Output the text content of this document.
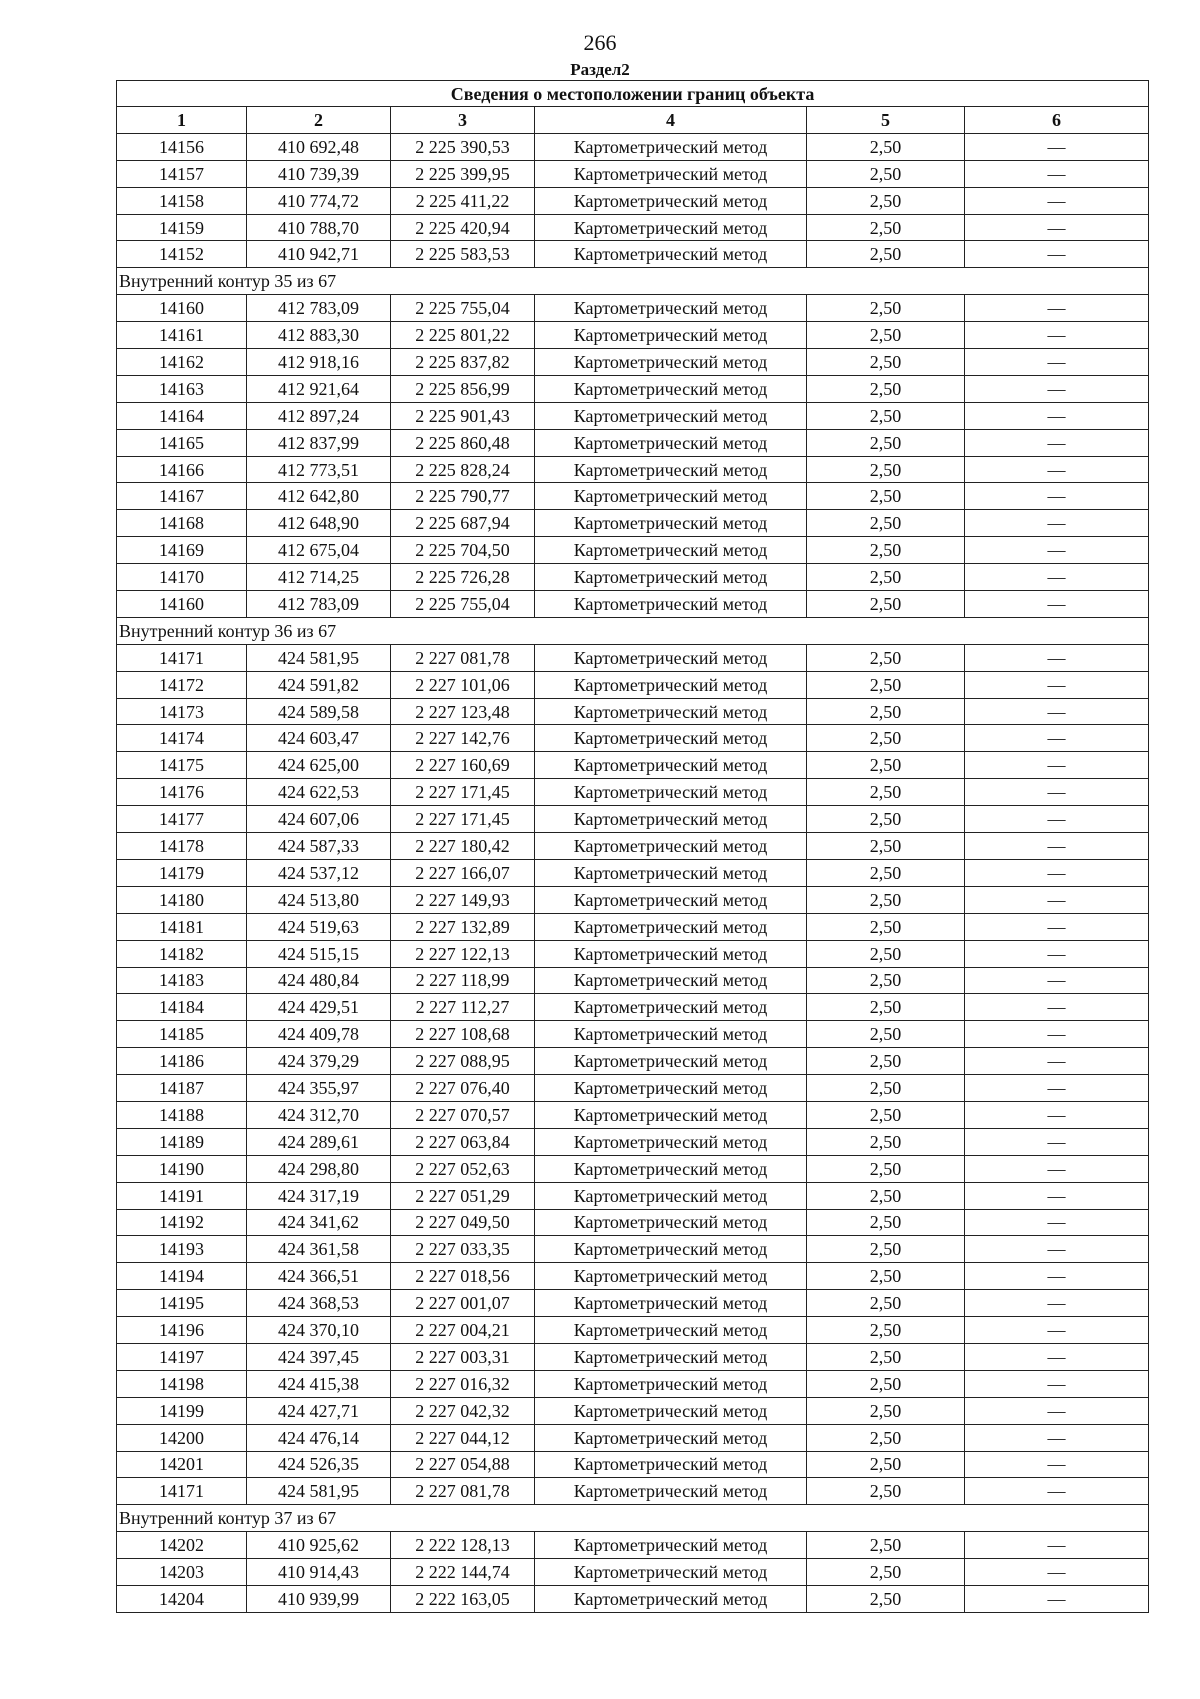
266
Раздел2
Сведения о местоположении границ объекта					
1	2	3	4	5	6
14156	410 692,48	2 225 390,53	Картометрический метод	2,50	—
14157	410 739,39	2 225 399,95	Картометрический метод	2,50	—
14158	410 774,72	2 225 411,22	Картометрический метод	2,50	—
14159	410 788,70	2 225 420,94	Картометрический метод	2,50	—
14152	410 942,71	2 225 583,53	Картометрический метод	2,50	—
Внутренний контур 35 из 67					
14160	412 783,09	2 225 755,04	Картометрический метод	2,50	—
14161	412 883,30	2 225 801,22	Картометрический метод	2,50	—
14162	412 918,16	2 225 837,82	Картометрический метод	2,50	—
14163	412 921,64	2 225 856,99	Картометрический метод	2,50	—
14164	412 897,24	2 225 901,43	Картометрический метод	2,50	—
14165	412 837,99	2 225 860,48	Картометрический метод	2,50	—
14166	412 773,51	2 225 828,24	Картометрический метод	2,50	—
14167	412 642,80	2 225 790,77	Картометрический метод	2,50	—
14168	412 648,90	2 225 687,94	Картометрический метод	2,50	—
14169	412 675,04	2 225 704,50	Картометрический метод	2,50	—
14170	412 714,25	2 225 726,28	Картометрический метод	2,50	—
14160	412 783,09	2 225 755,04	Картометрический метод	2,50	—
Внутренний контур 36 из 67					
14171	424 581,95	2 227 081,78	Картометрический метод	2,50	—
14172	424 591,82	2 227 101,06	Картометрический метод	2,50	—
14173	424 589,58	2 227 123,48	Картометрический метод	2,50	—
14174	424 603,47	2 227 142,76	Картометрический метод	2,50	—
14175	424 625,00	2 227 160,69	Картометрический метод	2,50	—
14176	424 622,53	2 227 171,45	Картометрический метод	2,50	—
14177	424 607,06	2 227 171,45	Картометрический метод	2,50	—
14178	424 587,33	2 227 180,42	Картометрический метод	2,50	—
14179	424 537,12	2 227 166,07	Картометрический метод	2,50	—
14180	424 513,80	2 227 149,93	Картометрический метод	2,50	—
14181	424 519,63	2 227 132,89	Картометрический метод	2,50	—
14182	424 515,15	2 227 122,13	Картометрический метод	2,50	—
14183	424 480,84	2 227 118,99	Картометрический метод	2,50	—
14184	424 429,51	2 227 112,27	Картометрический метод	2,50	—
14185	424 409,78	2 227 108,68	Картометрический метод	2,50	—
14186	424 379,29	2 227 088,95	Картометрический метод	2,50	—
14187	424 355,97	2 227 076,40	Картометрический метод	2,50	—
14188	424 312,70	2 227 070,57	Картометрический метод	2,50	—
14189	424 289,61	2 227 063,84	Картометрический метод	2,50	—
14190	424 298,80	2 227 052,63	Картометрический метод	2,50	—
14191	424 317,19	2 227 051,29	Картометрический метод	2,50	—
14192	424 341,62	2 227 049,50	Картометрический метод	2,50	—
14193	424 361,58	2 227 033,35	Картометрический метод	2,50	—
14194	424 366,51	2 227 018,56	Картометрический метод	2,50	—
14195	424 368,53	2 227 001,07	Картометрический метод	2,50	—
14196	424 370,10	2 227 004,21	Картометрический метод	2,50	—
14197	424 397,45	2 227 003,31	Картометрический метод	2,50	—
14198	424 415,38	2 227 016,32	Картометрический метод	2,50	—
14199	424 427,71	2 227 042,32	Картометрический метод	2,50	—
14200	424 476,14	2 227 044,12	Картометрический метод	2,50	—
14201	424 526,35	2 227 054,88	Картометрический метод	2,50	—
14171	424 581,95	2 227 081,78	Картометрический метод	2,50	—
Внутренний контур 37 из 67					
14202	410 925,62	2 222 128,13	Картометрический метод	2,50	—
14203	410 914,43	2 222 144,74	Картометрический метод	2,50	—
14204	410 939,99	2 222 163,05	Картометрический метод	2,50	—
